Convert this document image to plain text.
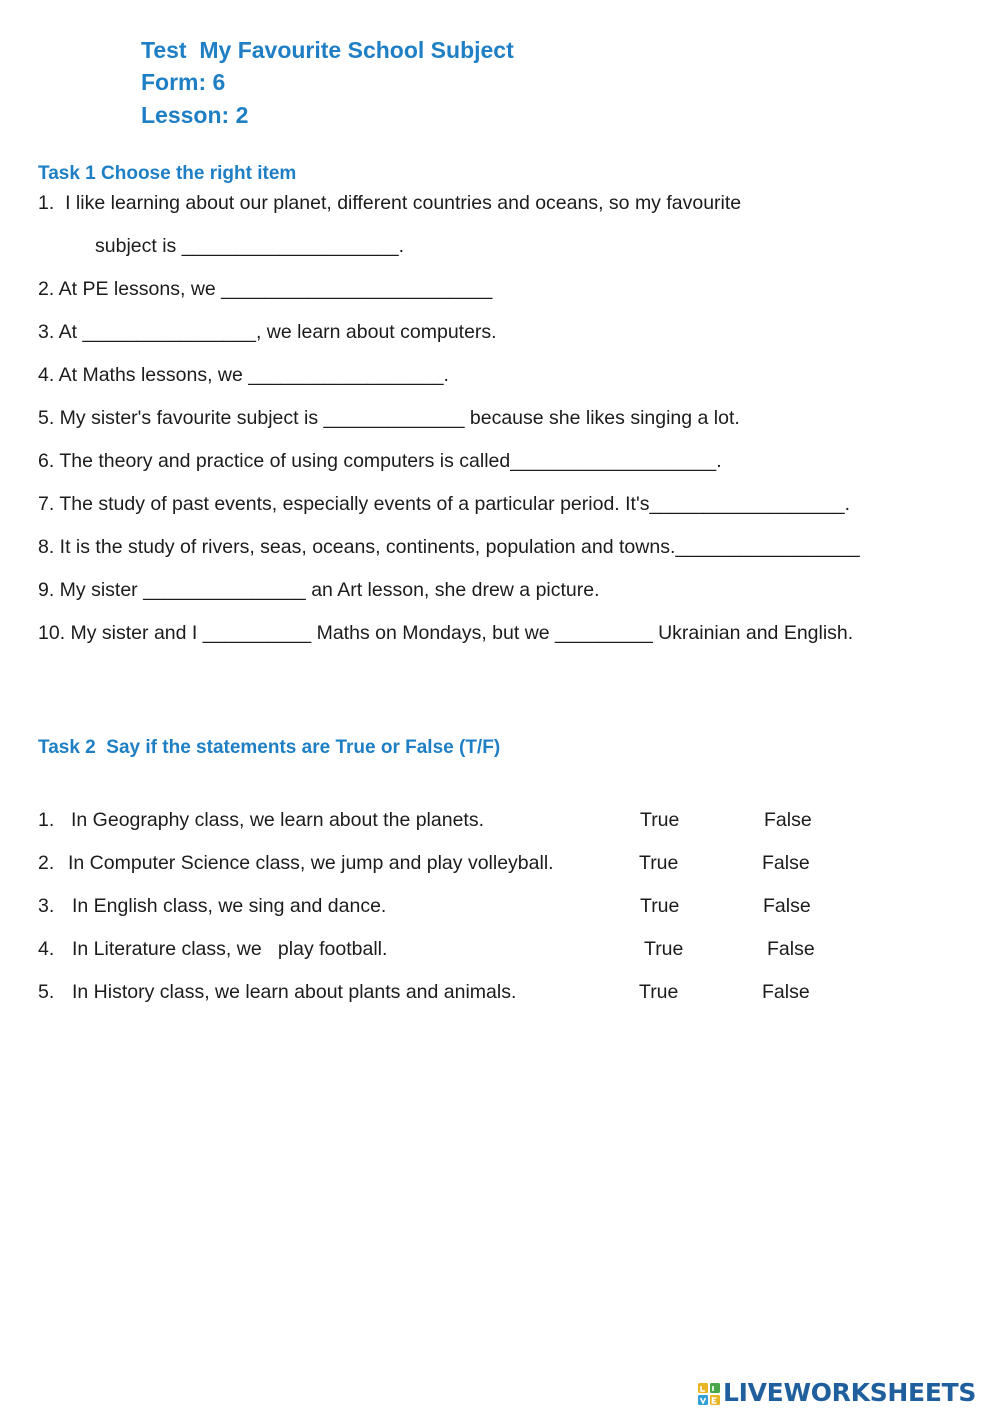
Test  My Favourite School Subject
Form: 6
Lesson: 2
Task 1 Choose the right item
1.  I like learning about our planet, different countries and oceans, so my favourite
subject is ____________________.
2. At PE lessons, we _________________________
3. At ________________, we learn about computers.
4. At Maths lessons, we __________________.
5. My sister's favourite subject is _____________ because she likes singing a lot.
6. The theory and practice of using computers is called___________________.
7. The study of past events, especially events of a particular period. It's__________________.
8. It is the study of rivers, seas, oceans, continents, population and towns._________________
9. My sister _______________ an Art lesson, she drew a picture.
10. My sister and I __________ Maths on Mondays, but we _________ Ukrainian and English.
Task 2  Say if the statements are True or False (T/F)
1. In Geography class, we learn about the planets.	True	False
2. In Computer Science class, we jump and play volleyball.	True	False
3. In English class, we sing and dance.	True	False
4. In Literature class, we   play football.	True	False
5. In History class, we learn about plants and animals.	True	False
LIVEWORKSHEETS
